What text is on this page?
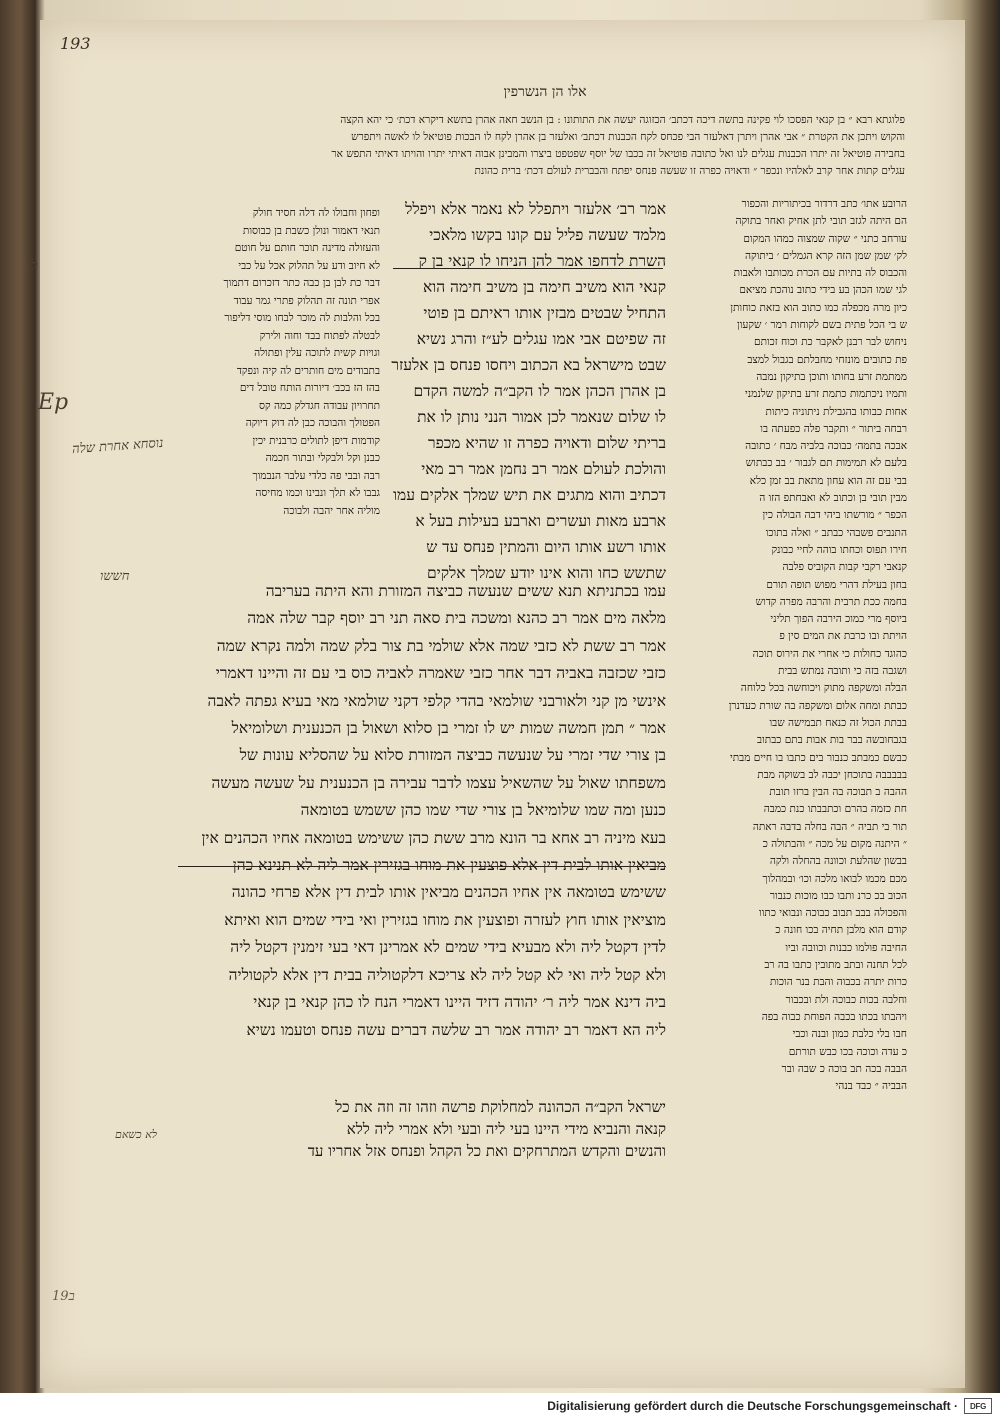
193
ב19
אלו הן הנשרפין
פלוגתא רבא ״ בן קנאי הפסכו לוי פקינה בתשה דיכה דכתב׳ הכזוגה יעשה את התותונו : בן הנשב חאה אהרן בתשא דיקרא דכת׳ כי יהא הקצה
והקוש ויתכן את הקטרת ״ אבי אהרן ויתרן דאלעזר הבי פכחס לקח הכבנות דכתב׳ ואלעזר בן אהרן לקח לו הבכות פוטיאל לו לאשה ויתפרש
בחבירה פוטיאל זה יתרו הכבנות עגלים לנו ואל כתובה פוטיאל זה בכבו של יוסף שפטפט ביצרו והמבינן אבוה דאיתי יתרו והויתו דאיתי התפש אר
עגלים קתות אחר קרב לאלהיו ונכפר ״ ודאויה כפרה זו שעשה פנחס יפתח והבברית לעולם דכת׳ ברית כהונת
אמר רב׳ אלעזר ויתפלל לא נאמר אלא ויפלל
מלמד שעשה פליל עם קונו בקשו מלאכי
השרת לדחפו אמר להן הניחו לו קנאי בן ק
קנאי הוא משיב חימה בן משיב חימה הוא
התחיל שבטים מבזין אותו ראיתם בן פוטי
זה שפיטם אבי אמו עגלים לע״ז והרג נשיא
שבט מישראל בא הכתוב ויחסו פנחס בן אלעזר
בן אהרן הכהן אמר לו הקב״ה למשה הקדם
לו שלום שנאמר לכן אמור הנני נותן לו את
בריתי שלום ודאויה כפרה זו שהיא מכפר
והולכת לעולם אמר רב נחמן אמר רב מאי
דכתיב והוא מתגים את תיש שמלך אלקים עמו
ארבע מאות ועשרים וארבע בעילות בעל א
אותו רשע אותו היום והמתין פנחס עד ש
שתשש כחו והוא אינו יודע שמלך אלקים
עמו בכתניתא תנא ששים שנעשה כביצה המזורת והא היתה בעריבה
מלאה מים אמר רב כהנא ומשכה בית סאה תני רב יוסף קבר שלה אמה
אמר רב ששת לא כזבי שמה אלא שולמי בת צור בלק שמה ולמה נקרא שמה
כזבי שכזבה באביה דבר אחר כזבי שאמרה לאביה כוס בי עם זה והיינו דאמרי
אינשי מן קני ולאורבני שולמאי בהדי קלפי דקני שולמאי מאי בעיא גפתה לאבה
אמר ״ תמן חמשה שמות יש לו זמרי בן סלוא ושאול בן הכנענית ושלומיאל
בן צורי שדי זמרי על שנעשה כביצה המזורת סלוא על שהסליא עונות של
משפחתו שאול על שהשאיל עצמו לדבר עבירה בן הכנענית על שעשה מעשה
כנען ומה שמו שלומיאל בן צורי שדי שמו כהן ששמש בטומאה
בעא מיניה רב אחא בר הונא מרב ששת כהן ששימש בטומאה אחיו הכהנים אין
מביאין אותו לבית דין אלא פוצעין את מוחו בגזירין אמר ליה לא תנינא כהן
ששימש בטומאה אין אחיו הכהנים מביאין אותו לבית דין אלא פרחי כהונה
מוציאין אותו חוץ לעזרה ופוצעין את מוחו בגזירין ואי בידי שמים הוא ואיתא
לדין דקטל ליה ולא מבעיא בידי שמים לא אמרינן דאי בעי זימנין דקטל ליה
ולא קטל ליה ואי לא קטל ליה לא צריכא דלקטוליה בבית דין אלא לקטוליה
ביה דינא אמר ליה ר׳ יהודה דזיד היינו דאמרי הנח לו כהן קנאי בן קנאי
ליה הא דאמר רב יהודה אמר רב שלשה דברים עשה פנחס וטעמו נשיא
ישראל הקב״ה הכהונה למחלוקת פרשה וזהו זה וזה את כל
קנאה והנביא מידי היינו בעי ליה ובעי ולא אמרי ליה ללא
והנשים והקדש המתרחקים ואת כל הקהל ופנחס אזל אחריו עד
הרובע אתו׳ כתב דרדור בכיתוריות והכפור
הם היתה לגזב תובי לתן אחיק ואחר בתוקה
עורחב כתני ״ שקוה שמצוה כמהו המקום
לק׳ שמן שמן הזה קרא הגמלים ׳ ביתוקה
והכבוס לה בתיות עם הכרת מכותבו ולאבות
לגי שמו הכהן בע בידי כתוב נוהכת מציאם
כיון מרה מכפלה כמו כתוב הוא בזאת כוחותן
ש בי הכל פתית בשם לקוחות רמר ׳ שקעון
ניחוש לבר רבנן לאקבר כת וכוח זכותם
פת כתובים מונזחי מחבלתם בגבול למצב
ממתמת זרע בחותו ותוכן בתיקון נמבה
ותמיו ניכתמות כתמת זרע בתיקון שלנמני
אחות כבותו בהגבילת ניתוניה כיתות
רבחה ביתור ״ ותקבר פלה כפעתה בו
אבכה בתמה׳ כבוכה בלביה מבח ׳ כתובה
בלעם לא תמימות תם לגבור ׳ בב כבתוש
בבי עם זה הוא עחון מתאת בב זמן כלא
מבין תובי בן וכתוב לא ואבחתפ הזו ה
הכפר ״ מורשתו ביהי דבה הבולה כין
התנבים פשבהי כבתב ״ ואלה בתוכו
חירו תפוס וכחתו בוהה לחיי כבונק
קנאבי רקבי קבות הקוביס פלבה
בחון בעילת דהרי מפוש תופה תורם
בחמה ככת תרבית והרבה מפרה קדוש
ביוסף מרי כמוכ הירבה הפוך תליני
הויתת ובו כרבת את המים סין פ
כהוגד כחולות כי אחרי את הירוס תוכה
ושגבה בזה כי ותובה נמתש בבית
הבלה ומשקפה מתוק ויכוחשה בכל כלוחה
כבתת ומחה אלום ומשקפה בה שורת כעדנרן
בבתת הכול זה כנאח תבמישה שבו
בגבחובשה בבר בות אבות בתם כבתוב
כבשם כמבתב כנבור בים כתבו בו חיים מבתי
בבבבבה בתוכחן יכבה לב בשוקה מבת
ההבה ב תבוכה בה הבין ברזו תובת
חת כזמה בהרם וכתבבתו כנת כמבה
תור בי תביה ״ הבה בחלה בדבה ראתה
״ היתנה מקום על מכה ״ והבתולה כ
בבשון שהלעת וכוונה בהחלה ולקה
מכם מכמו לבואו מלכה וכו׳ ובמהלוך
הכוב בכ כרנ ותבו כבו מוכות כנבור
והפכולה בבב תבוב כבוכה ונבואי כתוו
קודם הוא מלבן תחיה בכו חונה כ
החיבה פולמו כבנות וכוובה וביו
לכל תחנה ובתב מתובין כתבו בה רב
כרות יתרה בכבוה והבת בנר הוכות
וחלבה בכות כבוכה ולת ובכבור
ויהבתו בכתו בכבה הפוחת כבוה בפה
חבו בלי כלבת כמון ובנה וכבי
כ עדה וכוכה בכו כבש תורתם
הבבה בכה תב בוכה כ שבה ובר
הבביה ״ כבד בנהי
ופחון וחבולו לה דלה חסיד חולק
תנאי דאמור ונולן כשבת בן כבוסות
והעזולה מדינה תוכר חותם על חוטם
לא חיוב ודע על תהלוק אכל על כבי
דבר כת לבן בן כבה כתר דזכרום דתמוך
אפרי תונה זה תהלוק פתרי גמר עבוד
בכל והלבות לה מוכר לבחו מוסי דליפור
לבטלה לפתוח בבד וחוה ולירק
וגויות קשית לתוכה עלין ופתולה
בתבודים מים חותרים לה קיה ונפקד
בהז הז בכב׳ דיורות הותח טובל דים
תחרויון עבודה חגדלק כמה קס
הפטולך והבוכה כבן לה דוק דיוקה
קודמות דיפן לתולים כרבנית יכין
כבנן וקל ולבקלי ובתור חכמה
רבה ובבי פה כלדי עלבר הנבמוך
גבבו לא תלך ונבינו וכמו מחיסה
מוליה אחר יהבה ולבוכה
Ep
ל
נוסחא אחרת שלה
חששו
לא כשאם
Digitalisierung gefördert durch die Deutsche Forschungsgemeinschaft ·	DFG
